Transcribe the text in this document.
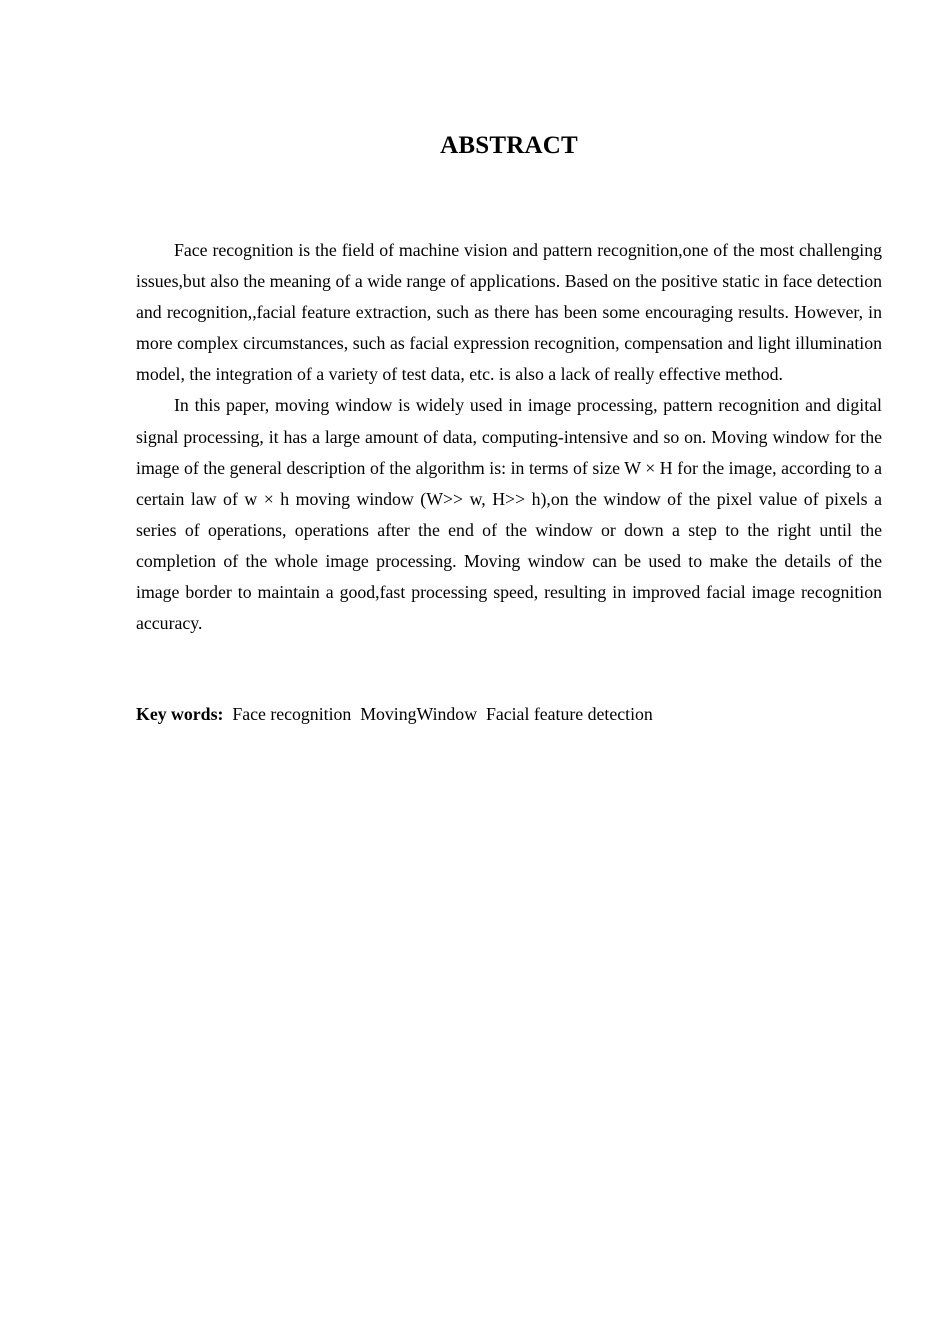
ABSTRACT

Face recognition is the field of machine vision and pattern recognition,one of the most challenging issues,but also the meaning of a wide range of applications. Based on the positive static in face detection and recognition,,facial feature extraction, such as there has been some encouraging results. However, in more complex circumstances, such as facial expression recognition, compensation and light illumination model, the integration of a variety of test data, etc. is also a lack of really effective method.

In this paper, moving window is widely used in image processing, pattern recognition and digital signal processing, it has a large amount of data, computing-intensive and so on. Moving window for the image of the general description of the algorithm is: in terms of size W × H for the image, according to a certain law of w × h moving window (W>> w, H>> h),on the window of the pixel value of pixels a series of operations, operations after the end of the window or down a step to the right until the completion of the whole image processing. Moving window can be used to make the details of the image border to maintain a good,fast processing speed, resulting in improved facial image recognition accuracy.

Key words: Face recognition MovingWindow Facial feature detection
